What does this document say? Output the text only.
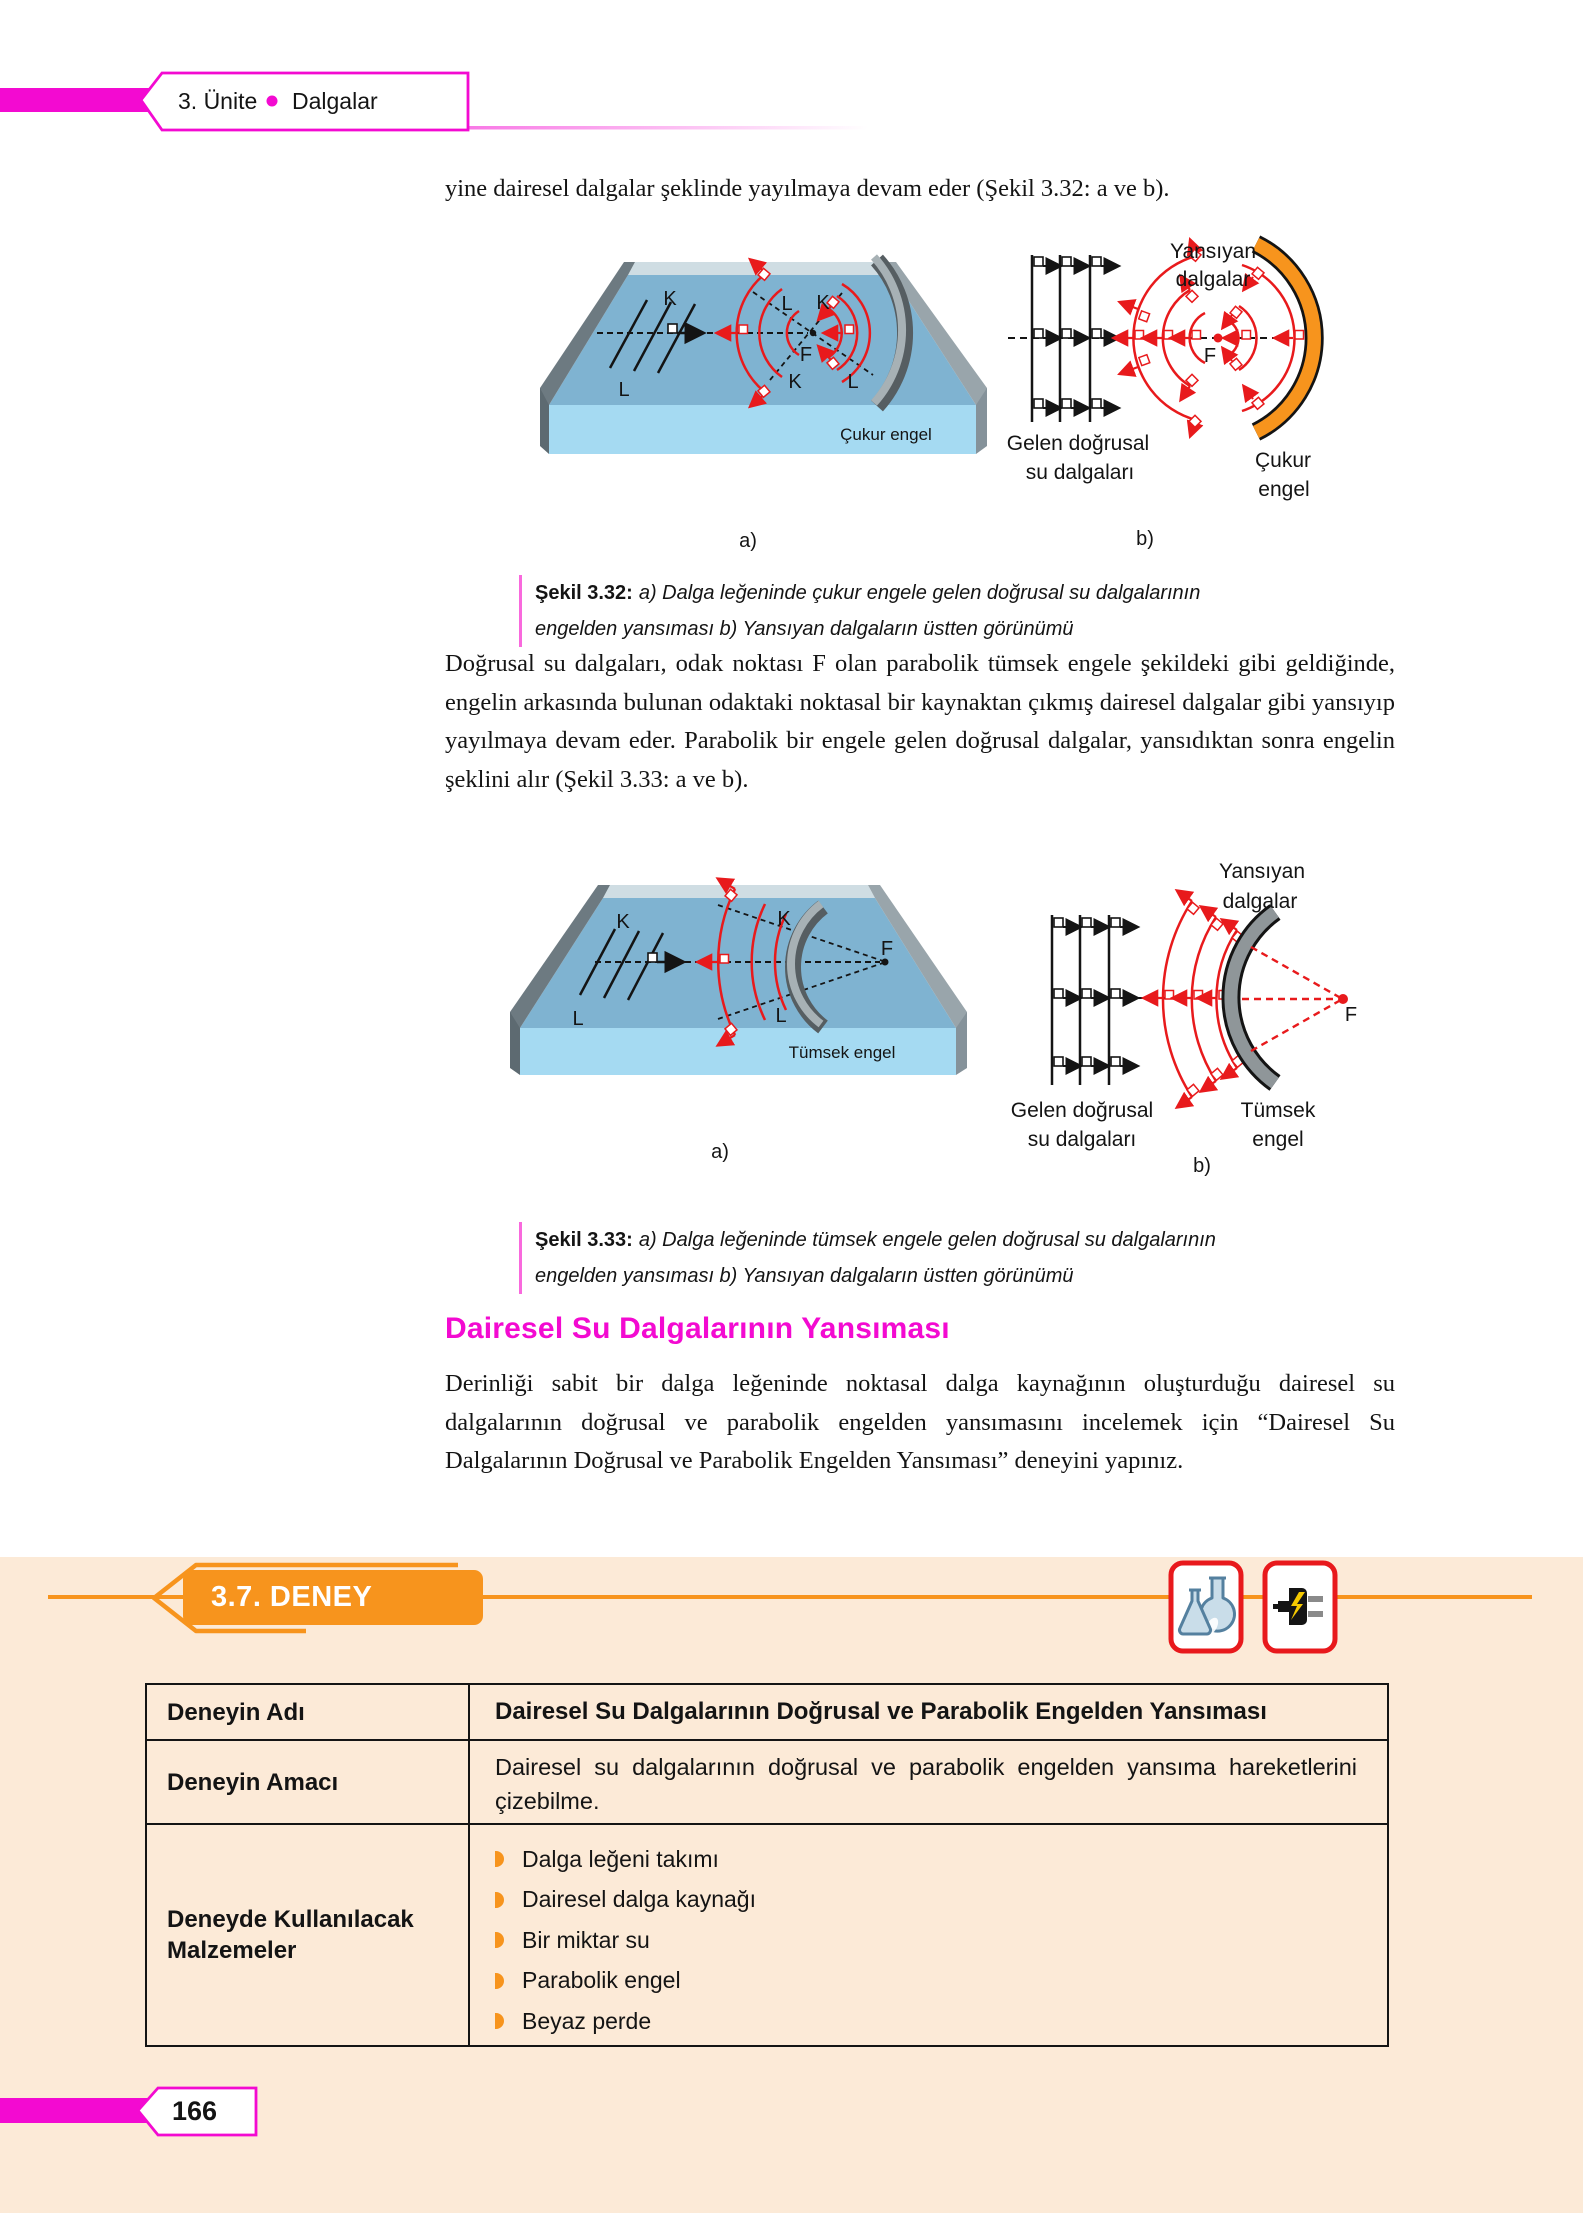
3. Ünite Dalgalar
yine dairesel dalgalar şeklinde yayılmaya devam eder (Şekil 3.32: a ve b).
K
L
L K
F
K L
Çukur engel
a)
F
Yansıyan
dalgalar
Gelen doğrusal
su dalgaları
Çukur
engel
b)
Şekil 3.32: a) Dalga leğeninde çukur engele gelen doğrusal su dalgalarının engelden yansıması b) Yansıyan dalgaların üstten görünümü
Doğrusal su dalgaları, odak noktası F olan parabolik tümsek engele şekildeki gibi geldiğinde, engelin arkasında bulunan odaktaki noktasal bir kaynaktan çıkmış dairesel dalgalar gibi yansıyıp yayılmaya devam eder. Parabolik bir engele gelen doğrusal dalgalar, yansıdıktan sonra engelin şeklini alır (Şekil 3.33: a ve b).
K
L
K
L
F
Tümsek engel
a)
F
Yansıyan
dalgalar
Gelen doğrusal
su dalgaları
Tümsek
engel
b)
Şekil 3.33: a) Dalga leğeninde tümsek engele gelen doğrusal su dalgalarının engelden yansıması b) Yansıyan dalgaların üstten görünümü
Dairesel Su Dalgalarının Yansıması
Derinliği sabit bir dalga leğeninde noktasal dalga kaynağının oluşturduğu dairesel su dalgalarının doğrusal ve parabolik engelden yansımasını incelemek için “Dairesel Su Dalgalarının Doğrusal ve Parabolik Engelden Yansıması” deneyini yapınız.
3.7. DENEY
Deneyin Adı	Dairesel Su Dalgalarının Doğrusal ve Parabolik Engelden Yansıması
Deneyin Amacı
Dairesel su dalgalarının doğrusal ve parabolik engelden yansıma hareketlerini çizebilme.
Deneyde Kullanılacak Malzemeler
Dalga leğeni takımı
Dairesel dalga kaynağı
Bir miktar su
Parabolik engel
Beyaz perde
166
